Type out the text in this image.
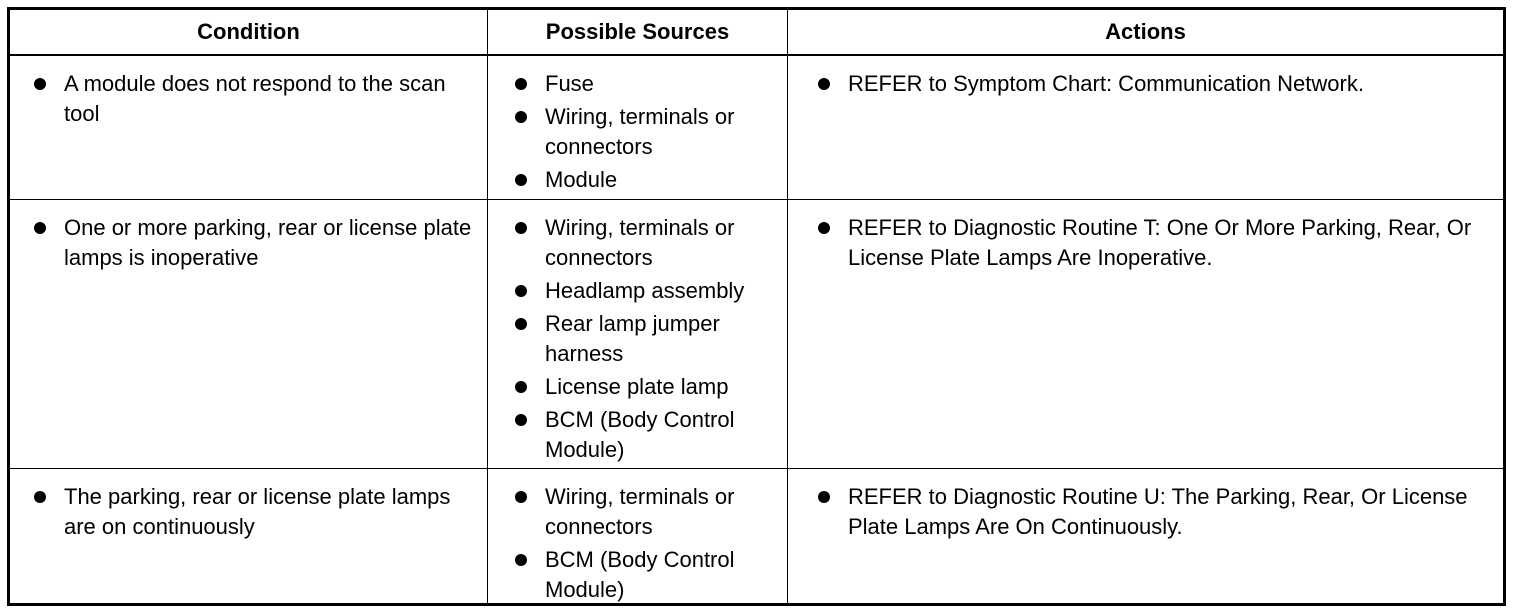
Condition	Possible Sources	Actions
A module does not respond to the scan tool
Fuse
Wiring, terminals or connectors
Module
REFER to Symptom Chart: Communication Network.
One or more parking, rear or license plate lamps is inoperative
Wiring, terminals or connectors
Headlamp assembly
Rear lamp jumper harness
License plate lamp
BCM (Body Control Module)
REFER to Diagnostic Routine T: One Or More Parking, Rear, Or License Plate Lamps Are Inoperative.
The parking, rear or license plate lamps are on continuously
Wiring, terminals or connectors
BCM (Body Control Module)
REFER to Diagnostic Routine U: The Parking, Rear, Or License Plate Lamps Are On Continuously.
